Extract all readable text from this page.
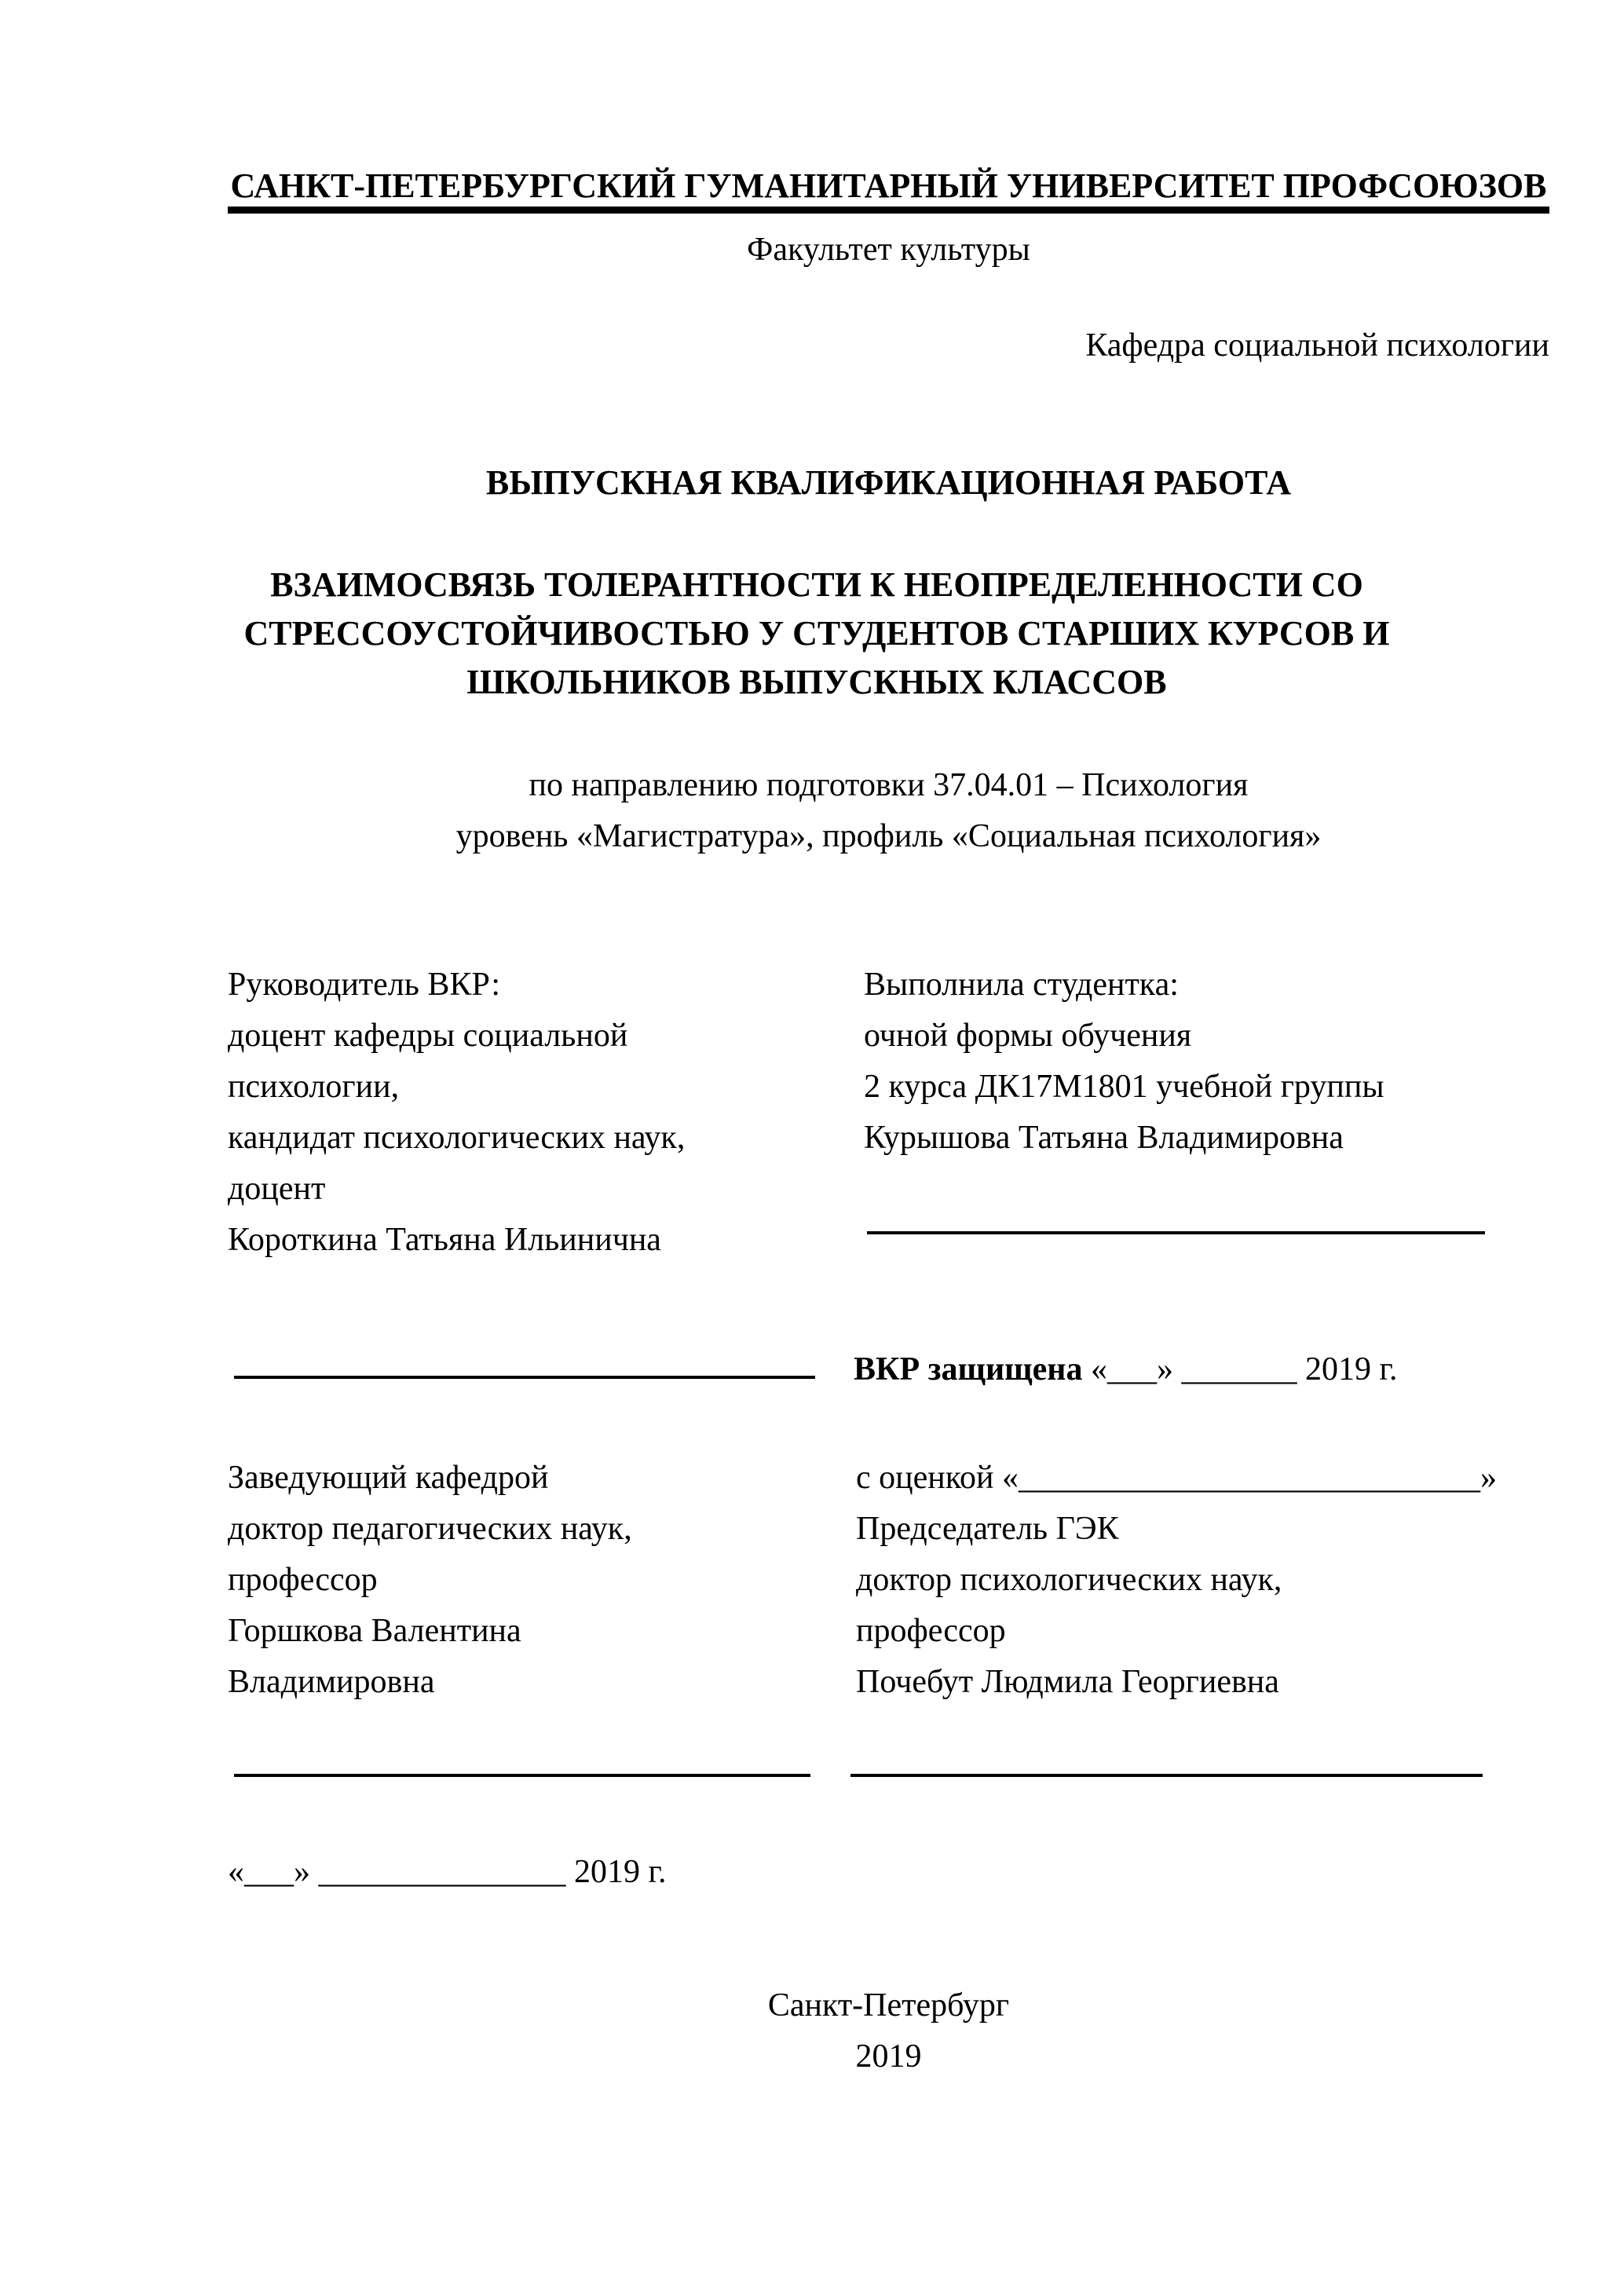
САНКТ-ПЕТЕРБУРГСКИЙ ГУМАНИТАРНЫЙ УНИВЕРСИТЕТ ПРОФСОЮЗОВ
Факультет культуры
Кафедра социальной психологии
ВЫПУСКНАЯ КВАЛИФИКАЦИОННАЯ РАБОТА
ВЗАИМОСВЯЗЬ ТОЛЕРАНТНОСТИ К НЕОПРЕДЕЛЕННОСТИ СО
СТРЕССОУСТОЙЧИВОСТЬЮ У СТУДЕНТОВ СТАРШИХ КУРСОВ И
ШКОЛЬНИКОВ ВЫПУСКНЫХ КЛАССОВ
по направлению подготовки 37.04.01 – Психология
уровень «Магистратура», профиль «Социальная психология»
Руководитель ВКР:
доцент кафедры социальной
психологии,
кандидат психологических наук,
доцент
Короткина Татьяна Ильинична
Выполнила студентка:
очной формы обучения
2 курса ДК17М1801 учебной группы
Курышова Татьяна Владимировна
ВКР защищена «___» _______ 2019 г.
Заведующий кафедрой
доктор педагогических наук,
профессор
Горшкова Валентина
Владимировна
с оценкой «____________________________»
Председатель ГЭК
доктор психологических наук,
профессор
Почебут Людмила Георгиевна
«___» _______________ 2019 г.
Санкт-Петербург
2019
